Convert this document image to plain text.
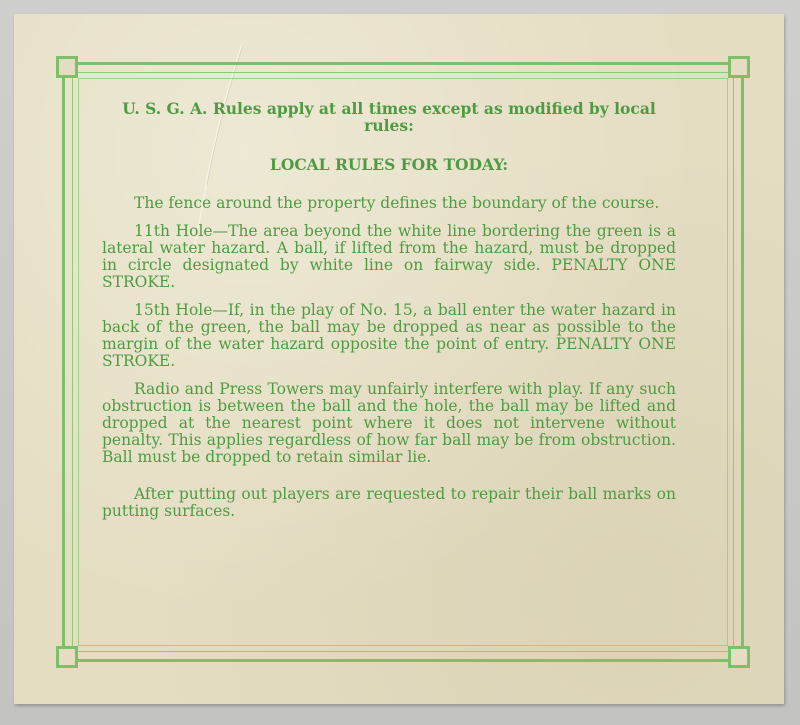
U. S. G. A. Rules apply at all times except as modified by local rules:

LOCAL RULES FOR TODAY:

The fence around the property defines the boundary of the course.

11th Hole—The area beyond the white line bordering the green is a lateral water hazard. A ball, if lifted from the hazard, must be dropped in circle designated by white line on fairway side. PENALTY ONE STROKE.

15th Hole—If, in the play of No. 15, a ball enter the water hazard in back of the green, the ball may be dropped as near as possible to the margin of the water hazard opposite the point of entry. PENALTY ONE STROKE.

Radio and Press Towers may unfairly interfere with play. If any such obstruction is between the ball and the hole, the ball may be lifted and dropped at the nearest point where it does not intervene without penalty. This applies regardless of how far ball may be from obstruction. Ball must be dropped to retain similar lie.

After putting out players are requested to repair their ball marks on putting surfaces.
